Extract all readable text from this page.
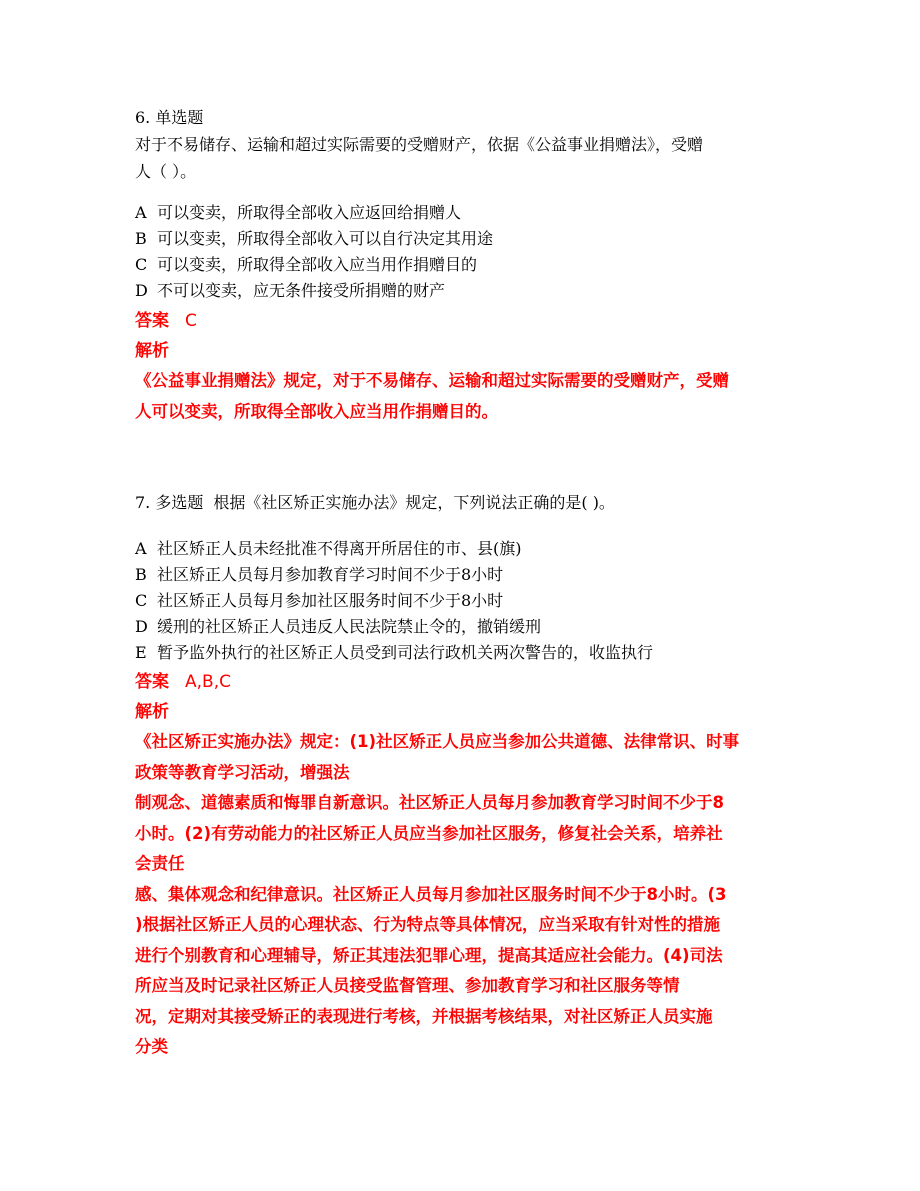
6. 单选题
对于不易储存、运输和超过实际需要的受赠财产，依据《公益事业捐赠法》，受赠
人（ ）。
A 可以变卖，所取得全部收入应返回给捐赠人
B 可以变卖，所取得全部收入可以自行决定其用途
C 可以变卖，所取得全部收入应当用作捐赠目的
D 不可以变卖，应无条件接受所捐赠的财产
答案 C
解析
《公益事业捐赠法》规定，对于不易储存、运输和超过实际需要的受赠财产，受赠
人可以变卖，所取得全部收入应当用作捐赠目的。
7. 多选题 根据《社区矫正实施办法》规定，下列说法正确的是( )。
A 社区矫正人员未经批准不得离开所居住的市、县(旗)
B 社区矫正人员每月参加教育学习时间不少于8小时
C 社区矫正人员每月参加社区服务时间不少于8小时
D 缓刑的社区矫正人员违反人民法院禁止令的，撤销缓刑
E 暂予监外执行的社区矫正人员受到司法行政机关两次警告的，收监执行
答案 A,B,C
解析
《社区矫正实施办法》规定：(1)社区矫正人员应当参加公共道德、法律常识、时事
政策等教育学习活动，增强法
制观念、道德素质和悔罪自新意识。社区矫正人员每月参加教育学习时间不少于8
小时。(2)有劳动能力的社区矫正人员应当参加社区服务，修复社会关系，培养社
会责任
感、集体观念和纪律意识。社区矫正人员每月参加社区服务时间不少于8小时。(3
)根据社区矫正人员的心理状态、行为特点等具体情况，应当采取有针对性的措施
进行个别教育和心理辅导，矫正其违法犯罪心理，提高其适应社会能力。(4)司法
所应当及时记录社区矫正人员接受监督管理、参加教育学习和社区服务等情
况，定期对其接受矫正的表现进行考核，并根据考核结果，对社区矫正人员实施
分类
